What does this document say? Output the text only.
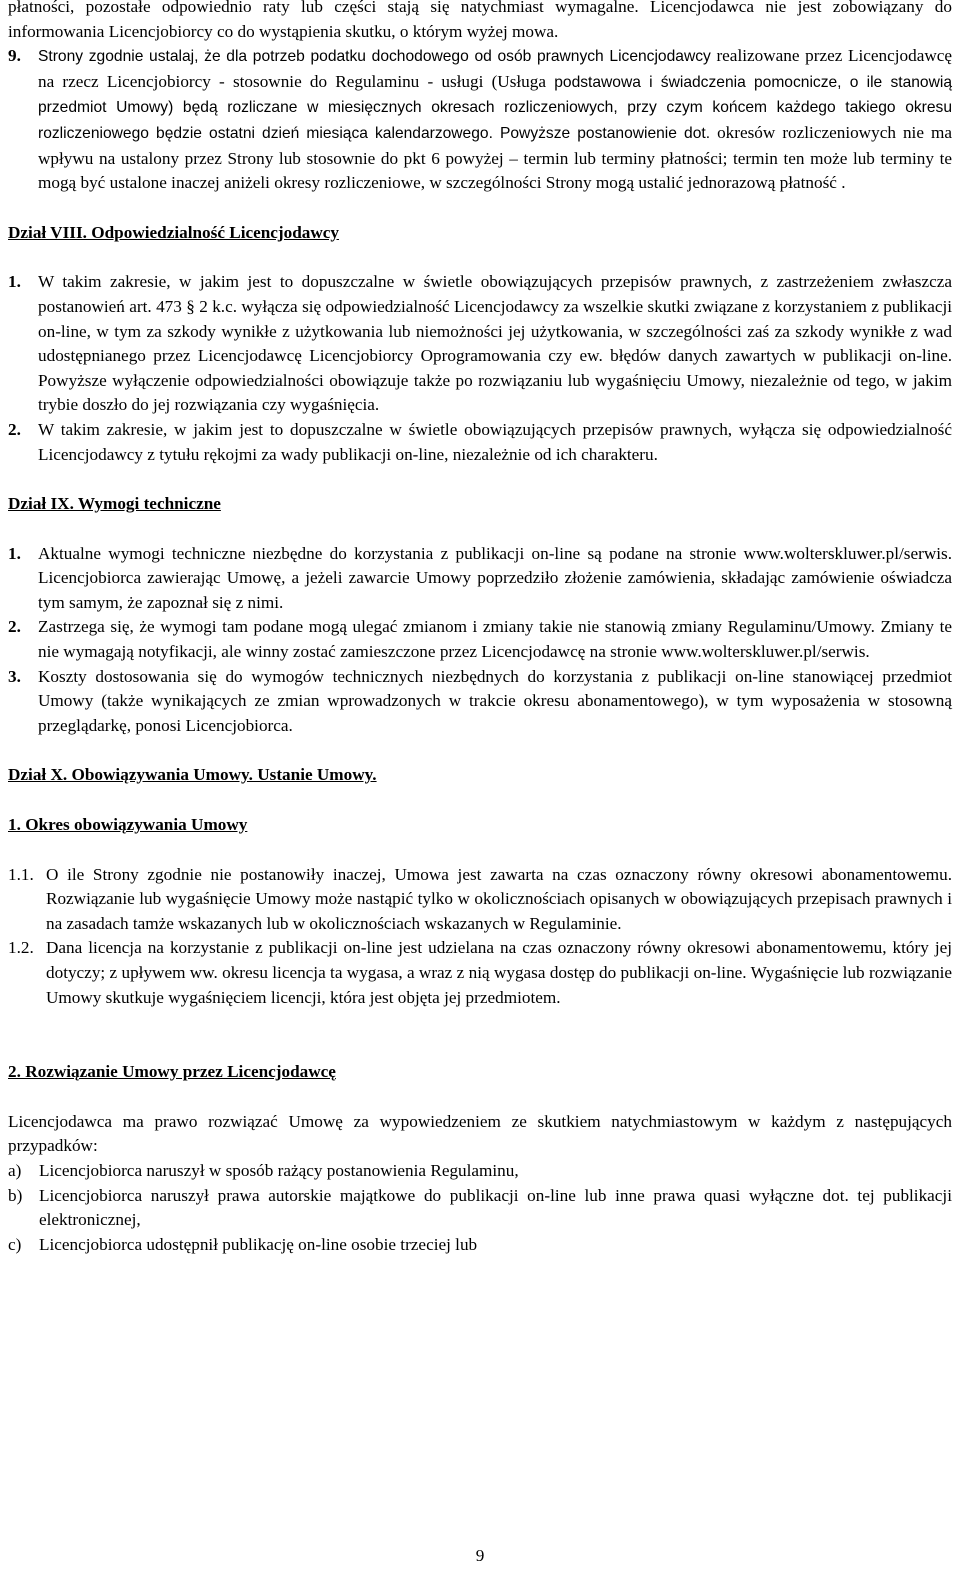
płatności, pozostałe odpowiednio raty lub części stają się natychmiast wymagalne. Licencjodawca nie jest zobowiązany do informowania Licencjobiorcy co do wystąpienia skutku, o którym wyżej mowa.

9. Strony zgodnie ustalaj, że dla potrzeb podatku dochodowego od osób prawnych Licencjodawcy realizowane przez Licencjodawcę na rzecz Licencjobiorcy - stosownie do Regulaminu - usługi (Usługa podstawowa i świadczenia pomocnicze, o ile stanowią przedmiot Umowy) będą rozliczane w miesięcznych okresach rozliczeniowych, przy czym końcem każdego takiego okresu rozliczeniowego będzie ostatni dzień miesiąca kalendarzowego. Powyższe postanowienie dot. okresów rozliczeniowych nie ma wpływu na ustalony przez Strony lub stosownie do pkt 6 powyżej – termin lub terminy płatności; termin ten może lub terminy te mogą być ustalone inaczej aniżeli okresy rozliczeniowe, w szczególności Strony mogą ustalić jednorazową płatność .

Dział VIII. Odpowiedzialność Licencjodawcy

1. W takim zakresie, w jakim jest to dopuszczalne w świetle obowiązujących przepisów prawnych, z zastrzeżeniem zwłaszcza postanowień art. 473 § 2 k.c. wyłącza się odpowiedzialność Licencjodawcy za wszelkie skutki związane z korzystaniem z publikacji on-line, w tym za szkody wynikłe z użytkowania lub niemożności jej użytkowania, w szczególności zaś za szkody wynikłe z wad udostępnianego przez Licencjodawcę Licencjobiorcy Oprogramowania czy ew. błędów danych zawartych w publikacji on-line. Powyższe wyłączenie odpowiedzialności obowiązuje także po rozwiązaniu lub wygaśnięciu Umowy, niezależnie od tego, w jakim trybie doszło do jej rozwiązania czy wygaśnięcia.
2. W takim zakresie, w jakim jest to dopuszczalne w świetle obowiązujących przepisów prawnych, wyłącza się odpowiedzialność Licencjodawcy z tytułu rękojmi za wady publikacji on-line, niezależnie od ich charakteru.

Dział IX. Wymogi techniczne

1. Aktualne wymogi techniczne niezbędne do korzystania z publikacji on-line są podane na stronie www.wolterskluwer.pl/serwis. Licencjobiorca zawierając Umowę, a jeżeli zawarcie Umowy poprzedziło złożenie zamówienia, składając zamówienie oświadcza tym samym, że zapoznał się z nimi.
2. Zastrzega się, że wymogi tam podane mogą ulegać zmianom i zmiany takie nie stanowią zmiany Regulaminu/Umowy. Zmiany te nie wymagają notyfikacji, ale winny zostać zamieszczone przez Licencjodawcę na stronie www.wolterskluwer.pl/serwis.
3. Koszty dostosowania się do wymogów technicznych niezbędnych do korzystania z publikacji on-line stanowiącej przedmiot Umowy (także wynikających ze zmian wprowadzonych w trakcie okresu abonamentowego), w tym wyposażenia w stosowną przeglądarkę, ponosi Licencjobiorca.

Dział X. Obowiązywania Umowy. Ustanie Umowy.

1. Okres obowiązywania Umowy

1.1. O ile Strony zgodnie nie postanowiły inaczej, Umowa jest zawarta na czas oznaczony równy okresowi abonamentowemu. Rozwiązanie lub wygaśnięcie Umowy może nastąpić tylko w okolicznościach opisanych w obowiązujących przepisach prawnych i na zasadach tamże wskazanych lub w okolicznościach wskazanych w Regulaminie.
1.2. Dana licencja na korzystanie z publikacji on-line jest udzielana na czas oznaczony równy okresowi abonamentowemu, który jej dotyczy; z upływem ww. okresu licencja ta wygasa, a wraz z nią wygasa dostęp do publikacji on-line. Wygaśnięcie lub rozwiązanie Umowy skutkuje wygaśnięciem licencji, która jest objęta jej przedmiotem.

2. Rozwiązanie Umowy przez Licencjodawcę

Licencjodawca ma prawo rozwiązać Umowę za wypowiedzeniem ze skutkiem natychmiastowym w każdym z następujących przypadków:

a) Licencjobiorca naruszył w sposób rażący postanowienia Regulaminu,
b) Licencjobiorca naruszył prawa autorskie majątkowe do publikacji on-line lub inne prawa quasi wyłączne dot. tej publikacji elektronicznej,
c) Licencjobiorca udostępnił publikację on-line osobie trzeciej lub
9
